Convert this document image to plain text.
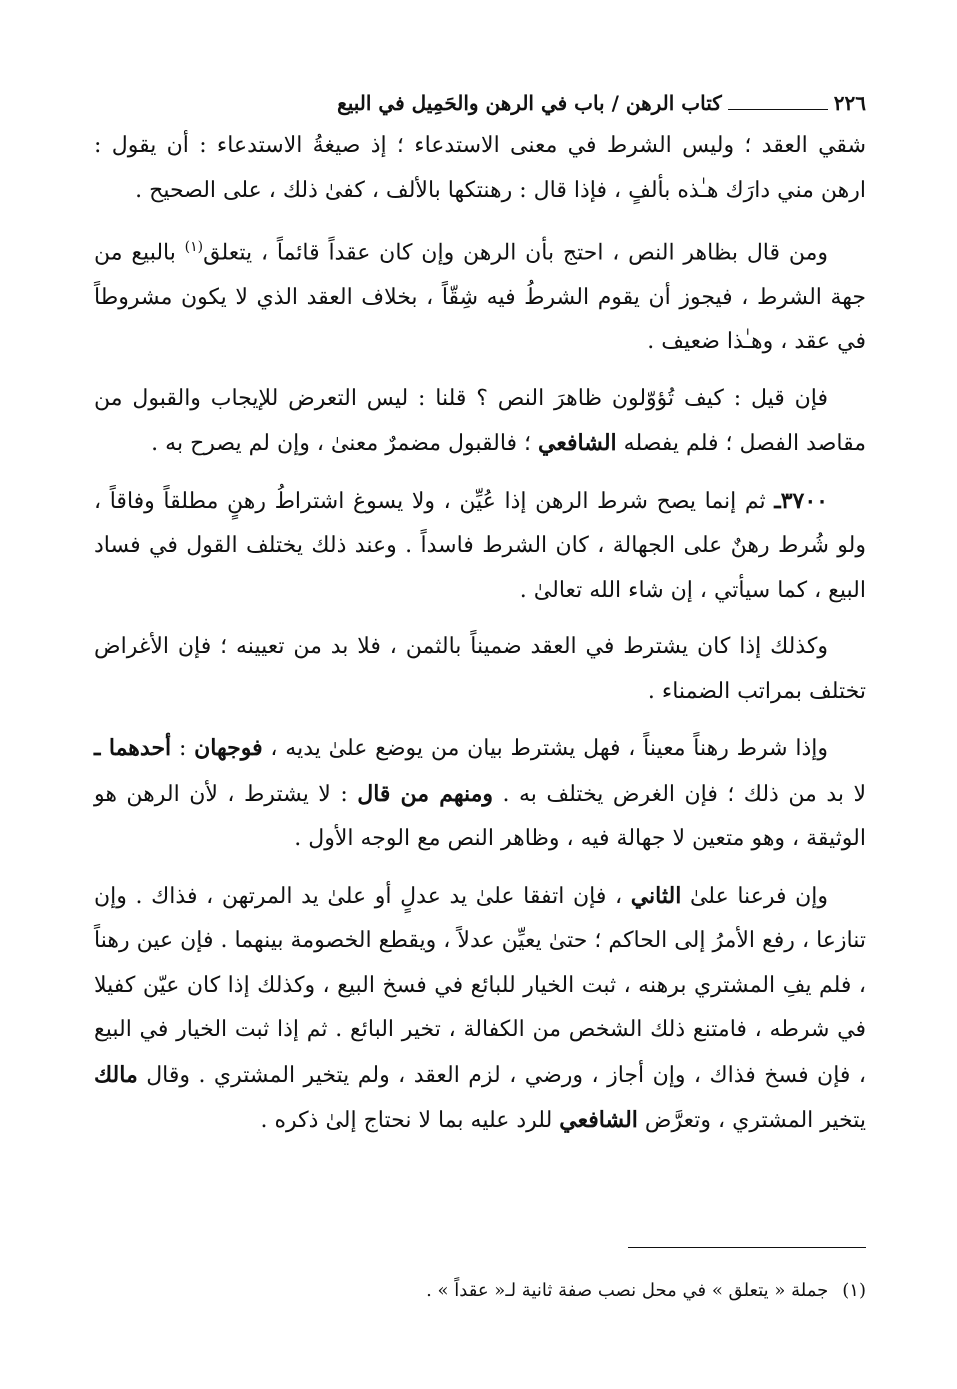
٢٢٦
كتاب الرهن / باب في الرهن والحَمِيل في البيع

شقي العقد ؛ وليس الشرط في معنى الاستدعاء ؛ إذ صيغةُ الاستدعاء : أن يقول : ارهن مني دارَك هـٰذه بألفٍ ، فإذا قال : رهنتكها بالألف ، كفىٰ ذلك ، على الصحيح .

ومن قال بظاهر النص ، احتج بأن الرهن وإن كان عقداً قائماً ، يتعلق$^{(١)}$ بالبيع من جهة الشرط ، فيجوز أن يقوم الشرطُ فيه شِقّاً ، بخلاف العقد الذي لا يكون مشروطاً في عقد ، وهـٰذا ضعيف .

فإن قيل : كيف تُؤوّلون ظاهرَ النص ؟ قلنا : ليس التعرض للإيجاب والقبول من مقاصد الفصل ؛ فلم يفصله الشافعي ؛ فالقبول مضمرٌ معنىٰ ، وإن لم يصرح به .

٣٧٠٠ـ ثم إنما يصح شرط الرهن إذا عُيِّن ، ولا يسوغ اشتراطُ رهنٍ مطلقاً وفاقاً ، ولو شُرط رهنٌ على الجهالة ، كان الشرط فاسداً . وعند ذلك يختلف القول في فساد البيع ، كما سيأتي ، إن شاء الله تعالىٰ .

وكذلك إذا كان يشترط في العقد ضميناً بالثمن ، فلا بد من تعيينه ؛ فإن الأغراض تختلف بمراتب الضمناء .

وإذا شرط رهناً معيناً ، فهل يشترط بيان من يوضع علىٰ يديه ، فوجهان : أحدهما ـ لا بد من ذلك ؛ فإن الغرض يختلف به . ومنهم من قال : لا يشترط ، لأن الرهن هو الوثيقة ، وهو متعين لا جهالة فيه ، وظاهر النص مع الوجه الأول .

وإن فرعنا علىٰ الثاني ، فإن اتفقا علىٰ يد عدلٍ أو علىٰ يد المرتهن ، فذاك . وإن تنازعا ، رفع الأمرُ إلى الحاكم ؛ حتىٰ يعيِّن عدلاً ، ويقطع الخصومة بينهما . فإن عين رهناً ، فلم يفِ المشتري برهنه ، ثبت الخيار للبائع في فسخ البيع ، وكذلك إذا كان عيّن كفيلا في شرطه ، فامتنع ذلك الشخص من الكفالة ، تخير البائع . ثم إذا ثبت الخيار في البيع ، فإن فسخ فذاك ، وإن أجاز ، ورضي ، لزم العقد ، ولم يتخير المشتري . وقال مالك يتخير المشتري ، وتعرَّض الشافعي للرد عليه بما لا نحتاج إلىٰ ذكره .

(١)
جملة « يتعلق » في محل نصب صفة ثانية لـ« عقداً » .
